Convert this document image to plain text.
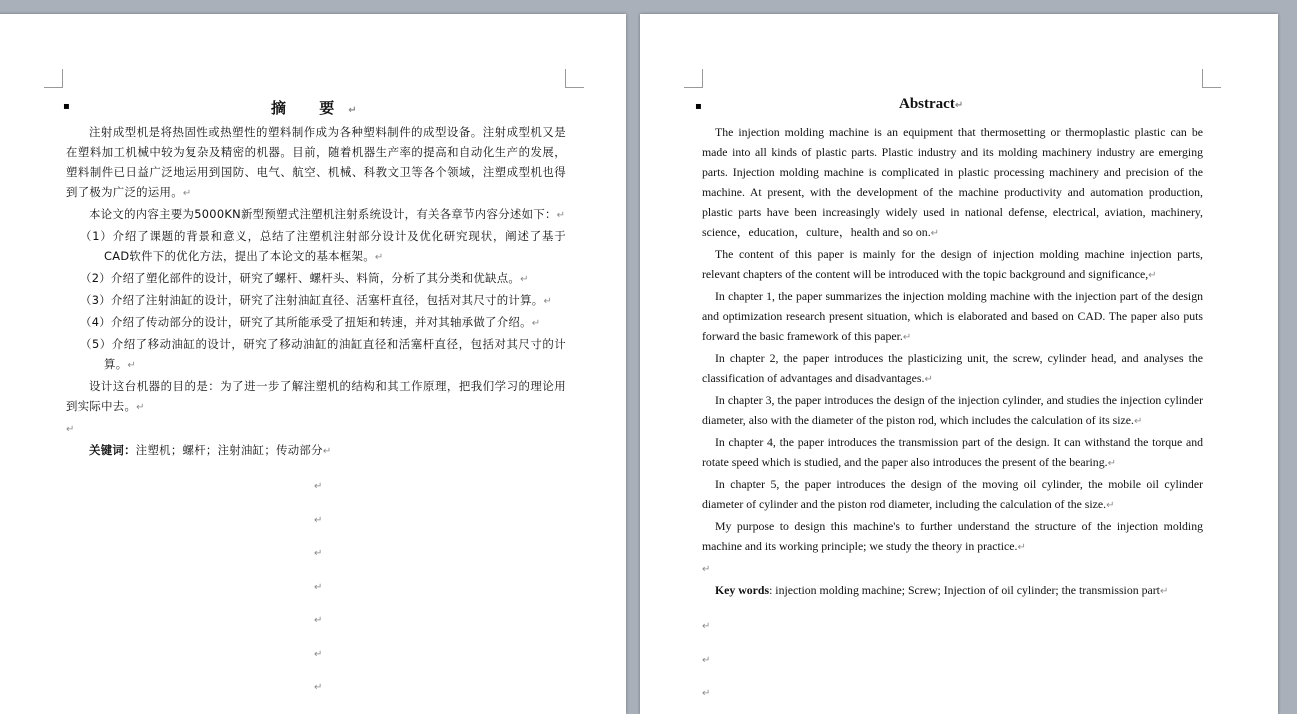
▪	摘 要↵

注射成型机是将热固性或热塑性的塑料制作成为各种塑料制件的成型设备。注射成型机又是在塑料加工机械中较为复杂及精密的机器。目前，随着机器生产率的提高和自动化生产的发展，塑料制件已日益广泛地运用到国防、电气、航空、机械、科教文卫等各个领域，注塑成型机也得到了极为广泛的运用。↵

本论文的内容主要为5000KN新型预塑式注塑机注射系统设计，有关各章节内容分述如下：↵

（1）介绍了课题的背景和意义，总结了注塑机注射部分设计及优化研究现状，阐述了基于CAD软件下的优化方法，提出了本论文的基本框架。↵

（2）介绍了塑化部件的设计，研究了螺杆、螺杆头、料筒，分析了其分类和优缺点。↵

（3）介绍了注射油缸的设计，研究了注射油缸直径、活塞杆直径，包括对其尺寸的计算。↵

（4）介绍了传动部分的设计，研究了其所能承受了扭矩和转速，并对其轴承做了介绍。↵

（5）介绍了移动油缸的设计，研究了移动油缸的油缸直径和活塞杆直径，包括对其尺寸的计算。↵

设计这台机器的目的是：为了进一步了解注塑机的结构和其工作原理，把我们学习的理论用到实际中去。↵

↵

关键词：注塑机；螺杆；注射油缸；传动部分↵

↵
↵
↵
↵
↵
↵
↵
▪	Abstract↵

The injection molding machine is an equipment that thermosetting or thermoplastic plastic can be made into all kinds of plastic parts. Plastic industry and its molding machinery industry are emerging parts. Injection molding machine is complicated in plastic processing machinery and precision of the machine. At present, with the development of the machine productivity and automation production, plastic parts have been increasingly widely used in national defense, electrical, aviation, machinery, science，education，culture，health and so on.↵

The content of this paper is mainly for the design of injection molding machine injection parts, relevant chapters of the content will be introduced with the topic background and significance,↵

In chapter 1, the paper summarizes the injection molding machine with the injection part of the design and optimization research present situation, which is elaborated and based on CAD. The paper also puts forward the basic framework of this paper.↵

In chapter 2, the paper introduces the plasticizing unit, the screw, cylinder head, and analyses the classification of advantages and disadvantages.↵

In chapter 3, the paper introduces the design of the injection cylinder, and studies the injection cylinder diameter, also with the diameter of the piston rod, which includes the calculation of its size.↵

In chapter 4, the paper introduces the transmission part of the design. It can withstand the torque and rotate speed which is studied, and the paper also introduces the present of the bearing.↵

In chapter 5, the paper introduces the design of the moving oil cylinder, the mobile oil cylinder diameter of cylinder and the piston rod diameter, including the calculation of the size.↵

My purpose to design this machine's to further understand the structure of the injection molding machine and its working principle; we study the theory in practice.↵

↵

Key words: injection molding machine; Screw; Injection of oil cylinder; the transmission part↵

↵
↵
↵
